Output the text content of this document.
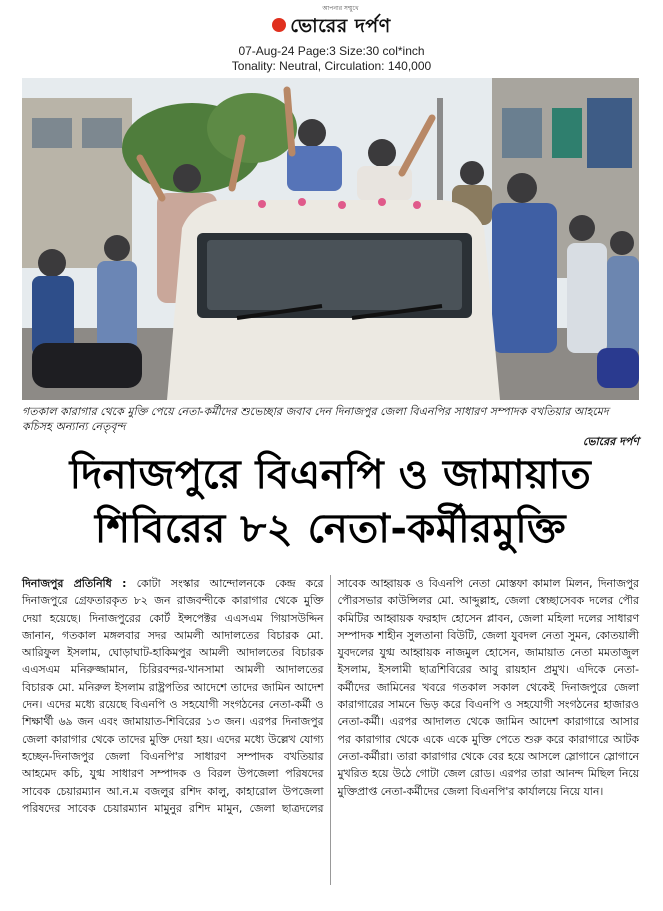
আপনার সম্মুখে
ভোরের দর্পণ
07-Aug-24 Page:3 Size:30 col*inch
Tonality: Neutral, Circulation: 140,000
গতকাল কারাগার থেকে মুক্তি পেয়ে নেতা-কর্মীদের শুভেচ্ছার জবাব দেন দিনাজপুর জেলা বিএনপির সাধারণ সম্পাদক বখতিয়ার আহমেদ কচিসহ অন্যান্য নেতৃবৃন্দ
ভোরের দর্পণ
দিনাজপুরে বিএনপি ও জামায়াত
শিবিরের ৮২ নেতা-কর্মীরমুক্তি
দিনাজপুর প্রতিনিধি : কোটা সংস্কার আন্দোলনকে কেন্দ্র করে দিনাজপুরে গ্রেফতারকৃত ৮২ জন রাজবন্দীকে কারাগার থেকে মুক্তি দেয়া হয়েছে। দিনাজপুরের কোর্ট ইন্সপেক্টর এএসএম গিয়াসউদ্দিন জানান, গতকাল মঙ্গলবার সদর আমলী আদালতের বিচারক মো. আরিফুল ইসলাম, ঘোড়াঘাট-হাকিমপুর আমলী আদালতের বিচারক এএসএম মনিরুজ্জামান, চিরিরবন্দর-খানসামা আমলী আদালতের বিচারক মো. মনিরুল ইসলাম রাষ্ট্রপতির আদেশে তাদের জামিন আদেশ দেন। এদের মধ্যে রয়েছে বিএনপি ও সহযোগী সংগঠনের নেতা-কর্মী ও শিক্ষার্থী ৬৯ জন এবং জামায়াত-শিবিরের ১৩ জন। এরপর দিনাজপুর জেলা কারাগার থেকে তাদের মুক্তি দেয়া হয়। এদের মধ্যে উল্লেখ যোগ্য হচ্ছেন-দিনাজপুর জেলা বিএনপি'র সাধারণ সম্পাদক বখতিয়ার আহমেদ কচি, যুগ্ম সাধারণ সম্পাদক ও বিরল উপজেলা পরিষদের সাবেক চেয়ারম্যান আ.ন.ম বজলুর রশিদ কালু, কাহারোল উপজেলা পরিষদের সাবেক চেয়ারম্যান মামুনুর রশিদ মামুন, জেলা ছাত্রদলের সাবেক আহ্বায়ক ও বিএনপি নেতা মোস্তফা কামাল মিলন, দিনাজপুর পৌরসভার কাউন্সিলর মো. আব্দুল্লাহ, জেলা স্বেচ্ছাসেবক দলের পৌর কমিটির আহ্বায়ক ফরহাদ হোসেন প্লাবন, জেলা মহিলা দলের সাধারণ সম্পাদক শাহীন সুলতানা বিউটি, জেলা যুবদল নেতা সুমন, কোতয়ালী যুবদলের যুগ্ম আহ্বায়ক নাজমুল হোসেন, জামায়াত নেতা মমতাজুল ইসলাম, ইসলামী ছাত্রশিবিরের আবু রায়হান প্রমুখ। এদিকে নেতা-কর্মীদের জামিনের খবরে গতকাল সকাল থেকেই দিনাজপুরে জেলা কারাগারের সামনে ভিড় করে বিএনপি ও সহযোগী সংগঠনের হাজারও নেতা-কর্মী। এরপর আদালত থেকে জামিন আদেশ কারাগারে আসার পর কারাগার থেকে একে একে মুক্তি পেতে শুরু করে কারাগারে আটক নেতা-কর্মীরা। তারা কারাগার থেকে বের হয়ে আসলে স্লোগানে স্লোগানে মুখরিত হয়ে উঠে গোটা জেল রোড। এরপর তারা আনন্দ মিছিল নিয়ে মুক্তিপ্রাপ্ত নেতা-কর্মীদের জেলা বিএনপি'র কার্যালয়ে নিয়ে যান।
